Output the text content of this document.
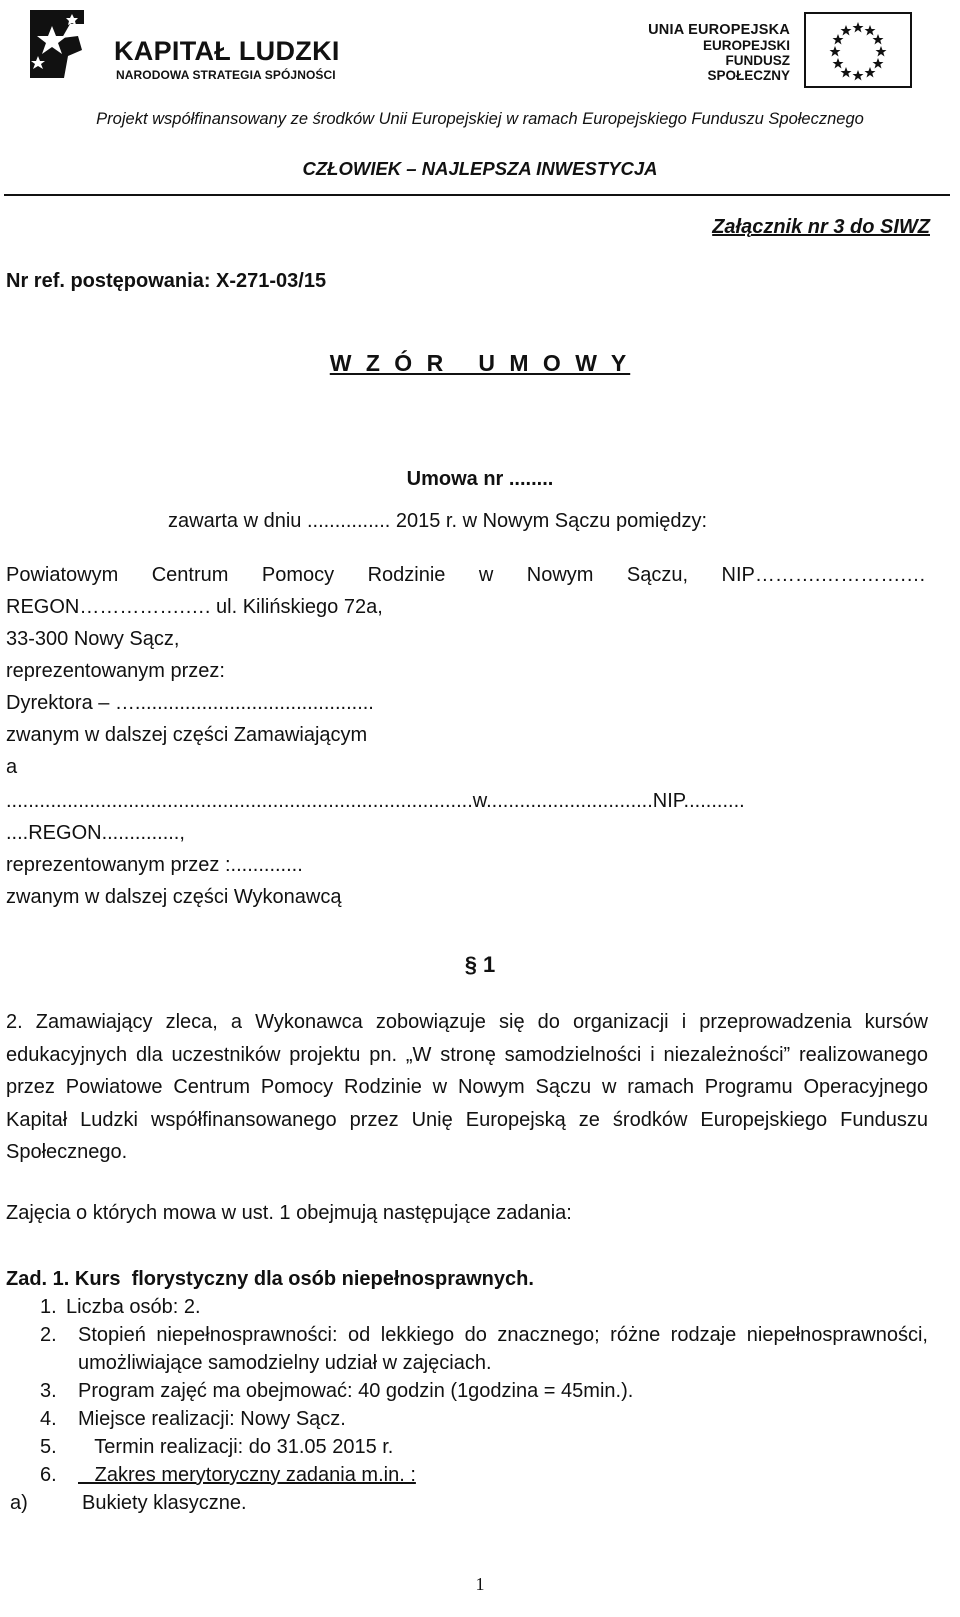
KAPITAŁ LUDZKI
NARODOWA STRATEGIA SPÓJNOŚCI
UNIA EUROPEJSKA
EUROPEJSKI
FUNDUSZ SPOŁECZNY
Projekt współfinansowany ze środków Unii Europejskiej w ramach Europejskiego Funduszu Społecznego
CZŁOWIEK – NAJLEPSZA INWESTYCJA
Załącznik nr 3 do SIWZ
Nr ref. postępowania: X-271-03/15
W Z Ó R   U M O W Y
Umowa nr ........
zawarta w dniu ............... 2015 r. w Nowym Sączu pomiędzy:
Powiatowym Centrum Pomocy Rodzinie w Nowym Sączu, NIP……….………….…
REGON…………….…. ul. Kilińskiego 72a,
33-300 Nowy Sącz,
reprezentowanym przez:
Dyrektora – …...........................................
zwanym w dalszej części Zamawiającym
a
....................................................................................w..............................NIP...........
....REGON..............,
reprezentowanym przez :.............
zwanym w dalszej części Wykonawcą
§ 1
2. Zamawiający zleca, a Wykonawca zobowiązuje się do organizacji i przeprowadzenia kursów edukacyjnych dla uczestników projektu pn. „W stronę samodzielności i niezależności” realizowanego przez Powiatowe Centrum Pomocy Rodzinie w Nowym Sączu w ramach Programu Operacyjnego Kapitał Ludzki współfinansowanego przez Unię Europejską ze środków Europejskiego Funduszu Społecznego.
Zajęcia o których mowa w ust. 1 obejmują następujące zadania:
Zad. 1. Kurs  florystyczny dla osób niepełnosprawnych.
1. Liczba osób: 2.
2. Stopień niepełnosprawności: od lekkiego do znacznego; różne rodzaje niepełnosprawności,
umożliwiające samodzielny udział w zajęciach.
3. Program zajęć ma obejmować: 40 godzin (1godzina = 45min.).
4. Miejsce realizacji: Nowy Sącz.
5.   Termin realizacji: do 31.05 2015 r.
6.   Zakres merytoryczny zadania m.in. :
a)	Bukiety klasyczne.
1
